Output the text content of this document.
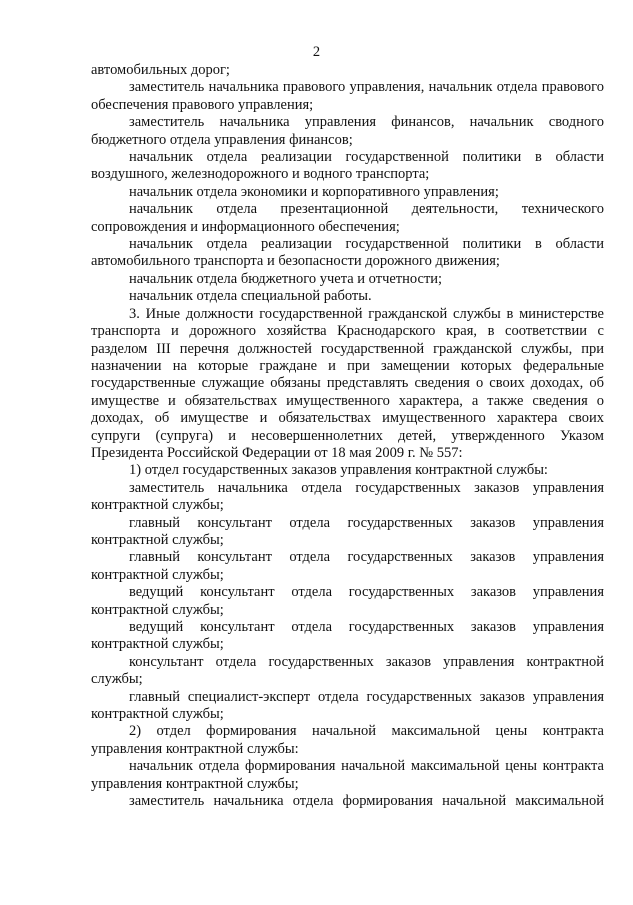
2

автомобильных дорог;

заместитель начальника правового управления, начальник отдела правового обеспечения правового управления;

заместитель начальника управления финансов, начальник сводного бюджетного отдела управления финансов;

начальник отдела реализации государственной политики в области воздушного, железнодорожного и водного транспорта;

начальник отдела экономики и корпоративного управления;

начальник отдела презентационной деятельности, технического сопровождения и информационного обеспечения;

начальник отдела реализации государственной политики в области автомобильного транспорта и безопасности дорожного движения;

начальник отдела бюджетного учета и отчетности;

начальник отдела специальной работы.

3. Иные должности государственной гражданской службы в министерстве транспорта и дорожного хозяйства Краснодарского края, в соответствии с разделом III перечня должностей государственной гражданской службы, при назначении на которые граждане и при замещении которых федеральные государственные служащие обязаны представлять сведения о своих доходах, об имуществе и обязательствах имущественного характера, а также сведения о доходах, об имуществе и обязательствах имущественного характера своих супруги (супруга) и несовершеннолетних детей, утвержденного Указом Президента Российской Федерации от 18 мая 2009 г. № 557:

1) отдел государственных заказов управления контрактной службы:

заместитель начальника отдела государственных заказов управления контрактной службы;

главный консультант отдела государственных заказов управления контрактной службы;

главный консультант отдела государственных заказов управления контрактной службы;

ведущий консультант отдела государственных заказов управления контрактной службы;

ведущий консультант отдела государственных заказов управления контрактной службы;

консультант отдела государственных заказов управления контрактной службы;

главный специалист-эксперт отдела государственных заказов управления контрактной службы;

2) отдел формирования начальной максимальной цены контракта управления контрактной службы:

начальник отдела формирования начальной максимальной цены контракта управления контрактной службы;

заместитель начальника отдела формирования начальной максимальной
